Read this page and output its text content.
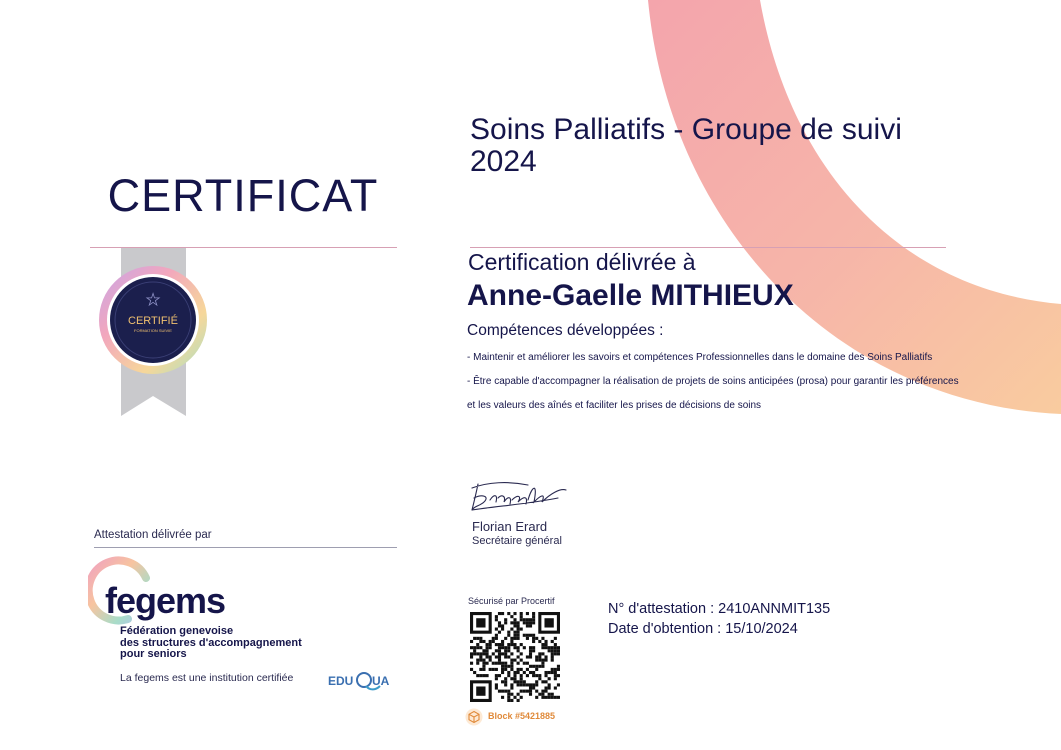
CERTIFICAT
Soins Palliatifs - Groupe de suivi 2024
★
CERTIFIÉ
FORMATION SUIVIE
Certification délivrée à
Anne-Gaelle MITHIEUX
Compétences développées :
- Maintenir et améliorer les savoirs et compétences Professionnelles dans le domaine des Soins Palliatifs
- Être capable d'accompagner la réalisation de projets de soins anticipées (prosa) pour garantir les préférences
et les valeurs des aînés et faciliter les prises de décisions de soins
Florian Erard
Secrétaire général
Sécurisé par Procertif
Block #5421885
N° d'attestation : 2410ANNMIT135
Date d'obtention : 15/10/2024
Attestation délivrée par
fegems
Fédération genevoise
des structures d'accompagnement
pour seniors
La fegems est une institution certifiée	EDU UA
